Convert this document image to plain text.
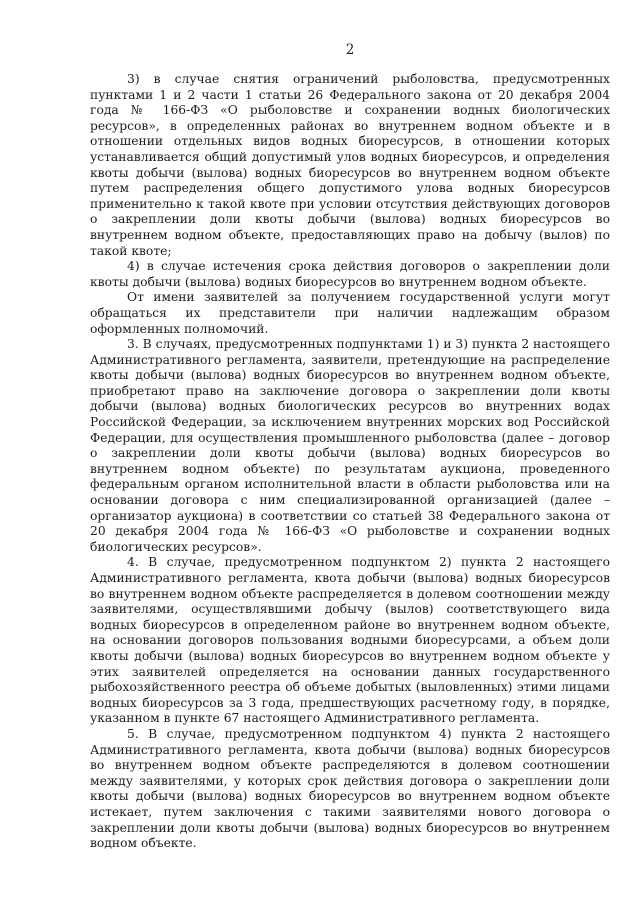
2

3) в случае снятия ограничений рыболовства, предусмотренных пунктами 1 и 2 части 1 статьи 26 Федерального закона от 20 декабря 2004 года № 166-ФЗ «О рыболовстве и сохранении водных биологических ресурсов», в определенных районах во внутреннем водном объекте и в отношении отдельных видов водных биоресурсов, в отношении которых устанавливается общий допустимый улов водных биоресурсов, и определения квоты добычи (вылова) водных биоресурсов во внутреннем водном объекте путем распределения общего допустимого улова водных биоресурсов применительно к такой квоте при условии отсутствия действующих договоров о закреплении доли квоты добычи (вылова) водных биоресурсов во внутреннем водном объекте, предоставляющих право на добычу (вылов) по такой квоте;

4) в случае истечения срока действия договоров о закреплении доли квоты добычи (вылова) водных биоресурсов во внутреннем водном объекте.

От имени заявителей за получением государственной услуги могут обращаться их представители при наличии надлежащим образом оформленных полномочий.

3. В случаях, предусмотренных подпунктами 1) и 3) пункта 2 настоящего Административного регламента, заявители, претендующие на распределение квоты добычи (вылова) водных биоресурсов во внутреннем водном объекте, приобретают право на заключение договора о закреплении доли квоты добычи (вылова) водных биологических ресурсов во внутренних водах Российской Федерации, за исключением внутренних морских вод Российской Федерации, для осуществления промышленного рыболовства (далее – договор о закреплении доли квоты добычи (вылова) водных биоресурсов во внутреннем водном объекте) по результатам аукциона, проведенного федеральным органом исполнительной власти в области рыболовства или на основании договора с ним специализированной организацией (далее – организатор аукциона) в соответствии со статьей 38 Федерального закона от 20 декабря 2004 года № 166-ФЗ «О рыболовстве и сохранении водных биологических ресурсов».

4. В случае, предусмотренном подпунктом 2) пункта 2 настоящего Административного регламента, квота добычи (вылова) водных биоресурсов во внутреннем водном объекте распределяется в долевом соотношении между заявителями, осуществлявшими добычу (вылов) соответствующего вида водных биоресурсов в определенном районе во внутреннем водном объекте, на основании договоров пользования водными биоресурсами, а объем доли квоты добычи (вылова) водных биоресурсов во внутреннем водном объекте у этих заявителей определяется на основании данных государственного рыбохозяйственного реестра об объеме добытых (выловленных) этими лицами водных биоресурсов за 3 года, предшествующих расчетному году, в порядке, указанном в пункте 67 настоящего Административного регламента.

5. В случае, предусмотренном подпунктом 4) пункта 2 настоящего Административного регламента, квота добычи (вылова) водных биоресурсов во внутреннем водном объекте распределяются в долевом соотношении между заявителями, у которых срок действия договора о закреплении доли квоты добычи (вылова) водных биоресурсов во внутреннем водном объекте истекает, путем заключения с такими заявителями нового договора о закреплении доли квоты добычи (вылова) водных биоресурсов во внутреннем водном объекте.
